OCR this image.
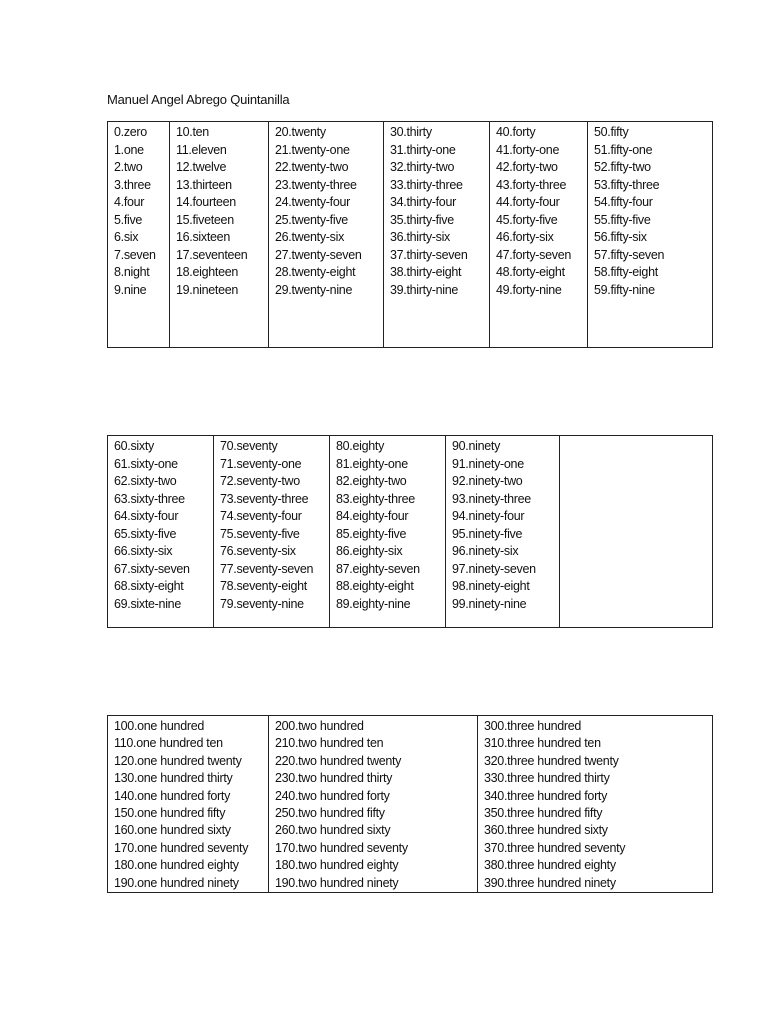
Manuel Angel Abrego Quintanilla
0.zero
1.one
2.two
3.three
4.four
5.five
6.six
7.seven
8.night
9.nine

10.ten
11.eleven
12.twelve
13.thirteen
14.fourteen
15.fiveteen
16.sixteen
17.seventeen
18.eighteen
19.nineteen

20.twenty
21.twenty-one
22.twenty-two
23.twenty-three
24.twenty-four
25.twenty-five
26.twenty-six
27.twenty-seven
28.twenty-eight
29.twenty-nine

30.thirty
31.thirty-one
32.thirty-two
33.thirty-three
34.thirty-four
35.thirty-five
36.thirty-six
37.thirty-seven
38.thirty-eight
39.thirty-nine

40.forty
41.forty-one
42.forty-two
43.forty-three
44.forty-four
45.forty-five
46.forty-six
47.forty-seven
48.forty-eight
49.forty-nine

50.fifty
51.fifty-one
52.fifty-two
53.fifty-three
54.fifty-four
55.fifty-five
56.fifty-six
57.fifty-seven
58.fifty-eight
59.fifty-nine
60.sixty
61.sixty-one
62.sixty-two
63.sixty-three
64.sixty-four
65.sixty-five
66.sixty-six
67.sixty-seven
68.sixty-eight
69.sixte-nine

70.seventy
71.seventy-one
72.seventy-two
73.seventy-three
74.seventy-four
75.seventy-five
76.seventy-six
77.seventy-seven
78.seventy-eight
79.seventy-nine

80.eighty
81.eighty-one
82.eighty-two
83.eighty-three
84.eighty-four
85.eighty-five
86.eighty-six
87.eighty-seven
88.eighty-eight
89.eighty-nine

90.ninety
91.ninety-one
92.ninety-two
93.ninety-three
94.ninety-four
95.ninety-five
96.ninety-six
97.ninety-seven
98.ninety-eight
99.ninety-nine

100.one hundred
110.one hundred ten
120.one hundred twenty
130.one hundred thirty
140.one hundred forty
150.one hundred fifty
160.one hundred sixty
170.one hundred seventy
180.one hundred eighty
190.one hundred ninety

200.two hundred
210.two hundred ten
220.two hundred twenty
230.two hundred thirty
240.two hundred forty
250.two hundred fifty
260.two hundred sixty
170.two hundred seventy
180.two hundred eighty
190.two hundred ninety

300.three hundred
310.three hundred ten
320.three hundred twenty
330.three hundred thirty
340.three hundred forty
350.three hundred fifty
360.three hundred sixty
370.three hundred seventy
380.three hundred eighty
390.three hundred ninety
